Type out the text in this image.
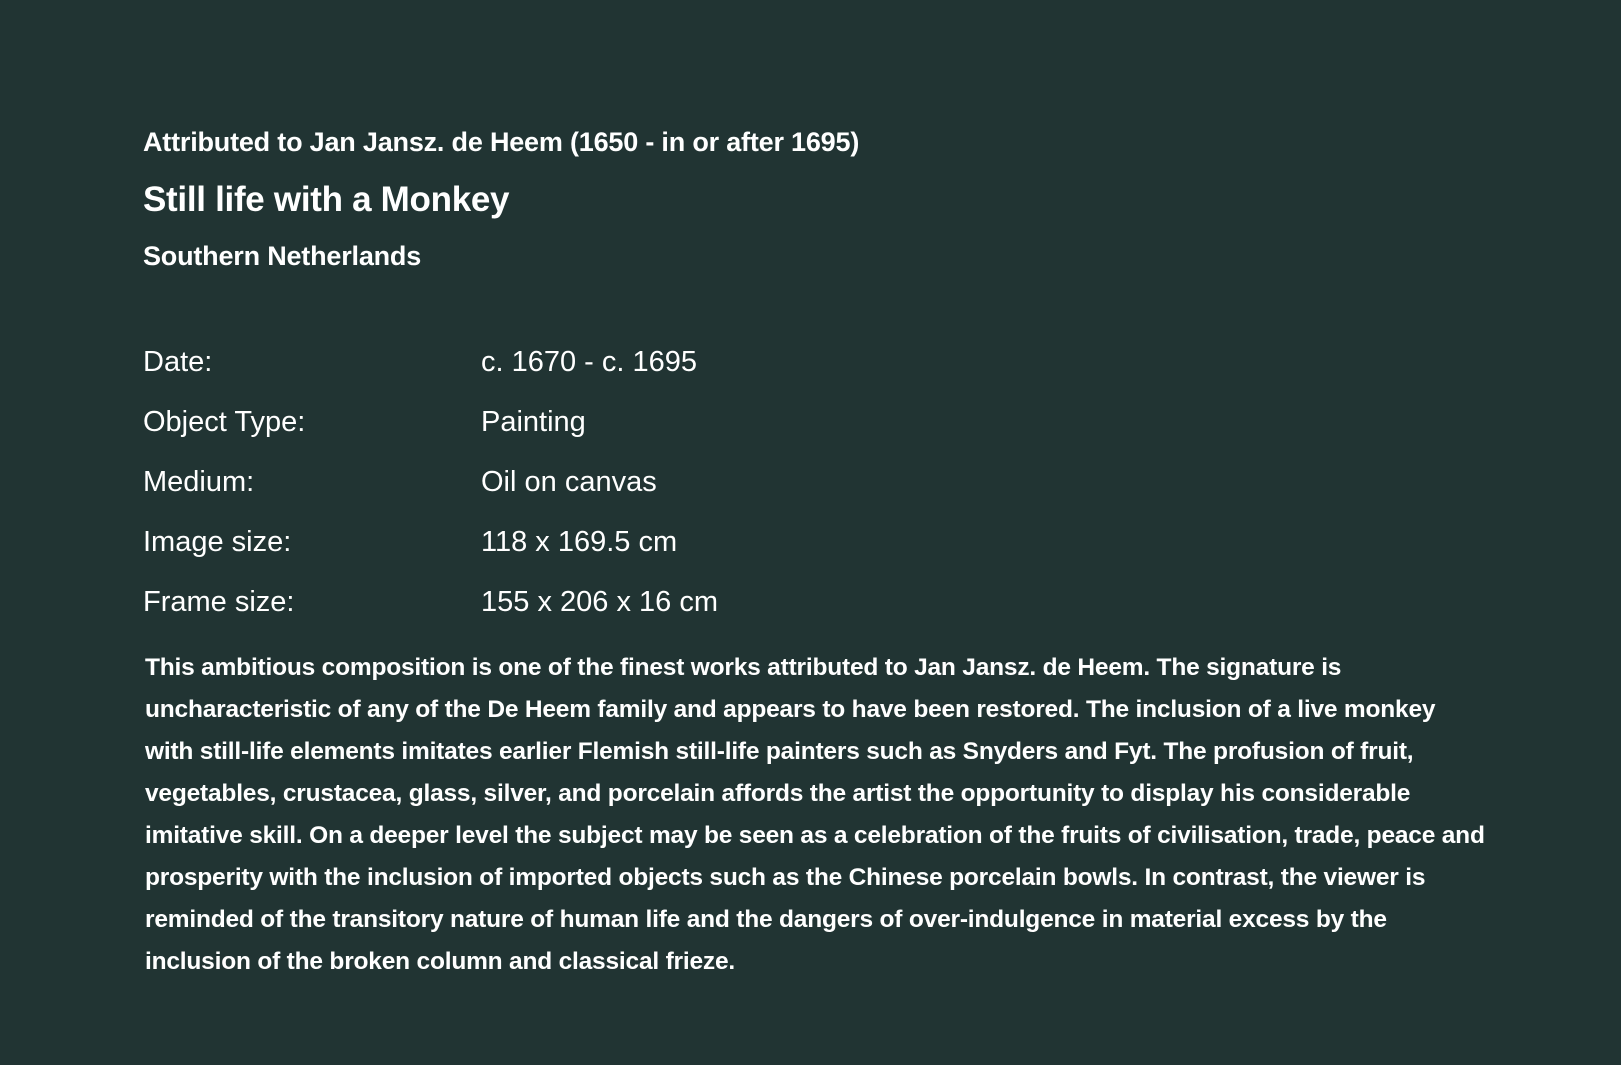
Attributed to Jan Jansz. de Heem (1650 - in or after 1695)
Still life with a Monkey
Southern Netherlands
Date:	c. 1670 - c. 1695
Object Type:	Painting
Medium:	Oil on canvas
Image size:	118 x 169.5 cm
Frame size:	155 x 206 x 16 cm

This ambitious composition is one of the finest works attributed to Jan Jansz. de Heem. The signature is uncharacteristic of any of the De Heem family and appears to have been restored. The inclusion of a live monkey with still-life elements imitates earlier Flemish still-life painters such as Snyders and Fyt. The profusion of fruit, vegetables, crustacea, glass, silver, and porcelain affords the artist the opportunity to display his considerable imitative skill. On a deeper level the subject may be seen as a celebration of the fruits of civilisation, trade, peace and prosperity with the inclusion of imported objects such as the Chinese porcelain bowls. In contrast, the viewer is reminded of the transitory nature of human life and the dangers of over-indulgence in material excess by the inclusion of the broken column and classical frieze.
